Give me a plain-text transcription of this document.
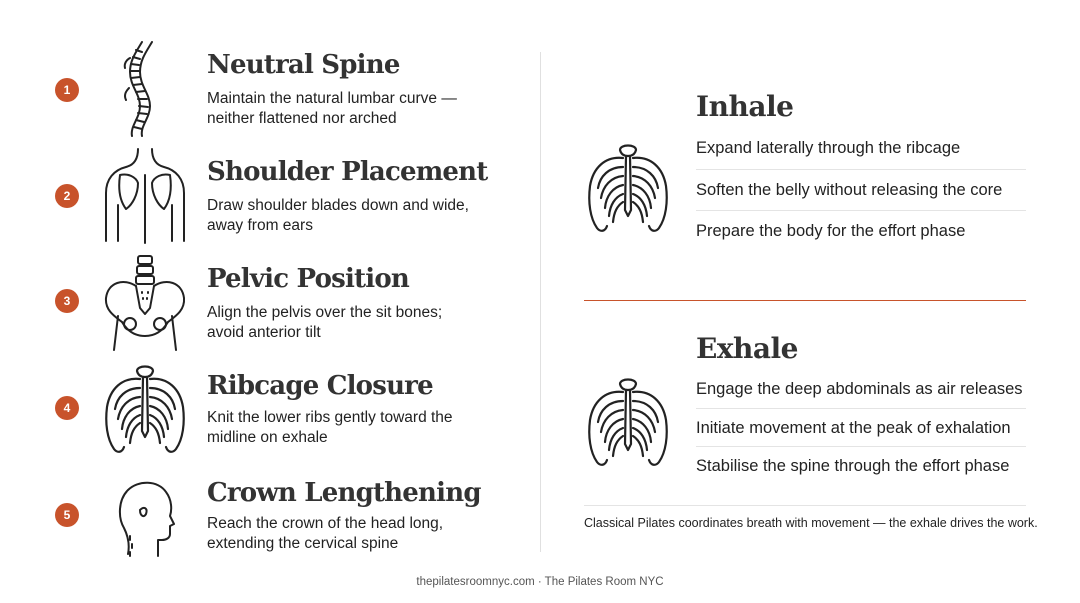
1
Neutral Spine
Maintain the natural lumbar curve —
neither flattened nor arched
2
Shoulder Placement
Draw shoulder blades down and wide,
away from ears
3
Pelvic Position
Align the pelvis over the sit bones;
avoid anterior tilt
4
Ribcage Closure
Knit the lower ribs gently toward the
midline on exhale
5
Crown Lengthening
Reach the crown of the head long,
extending the cervical spine
Inhale
Expand laterally through the ribcage
Soften the belly without releasing the core
Prepare the body for the effort phase
Exhale
Engage the deep abdominals as air releases
Initiate movement at the peak of exhalation
Stabilise the spine through the effort phase
Classical Pilates coordinates breath with movement — the exhale drives the work.
thepilatesroomnyc.com · The Pilates Room NYC
